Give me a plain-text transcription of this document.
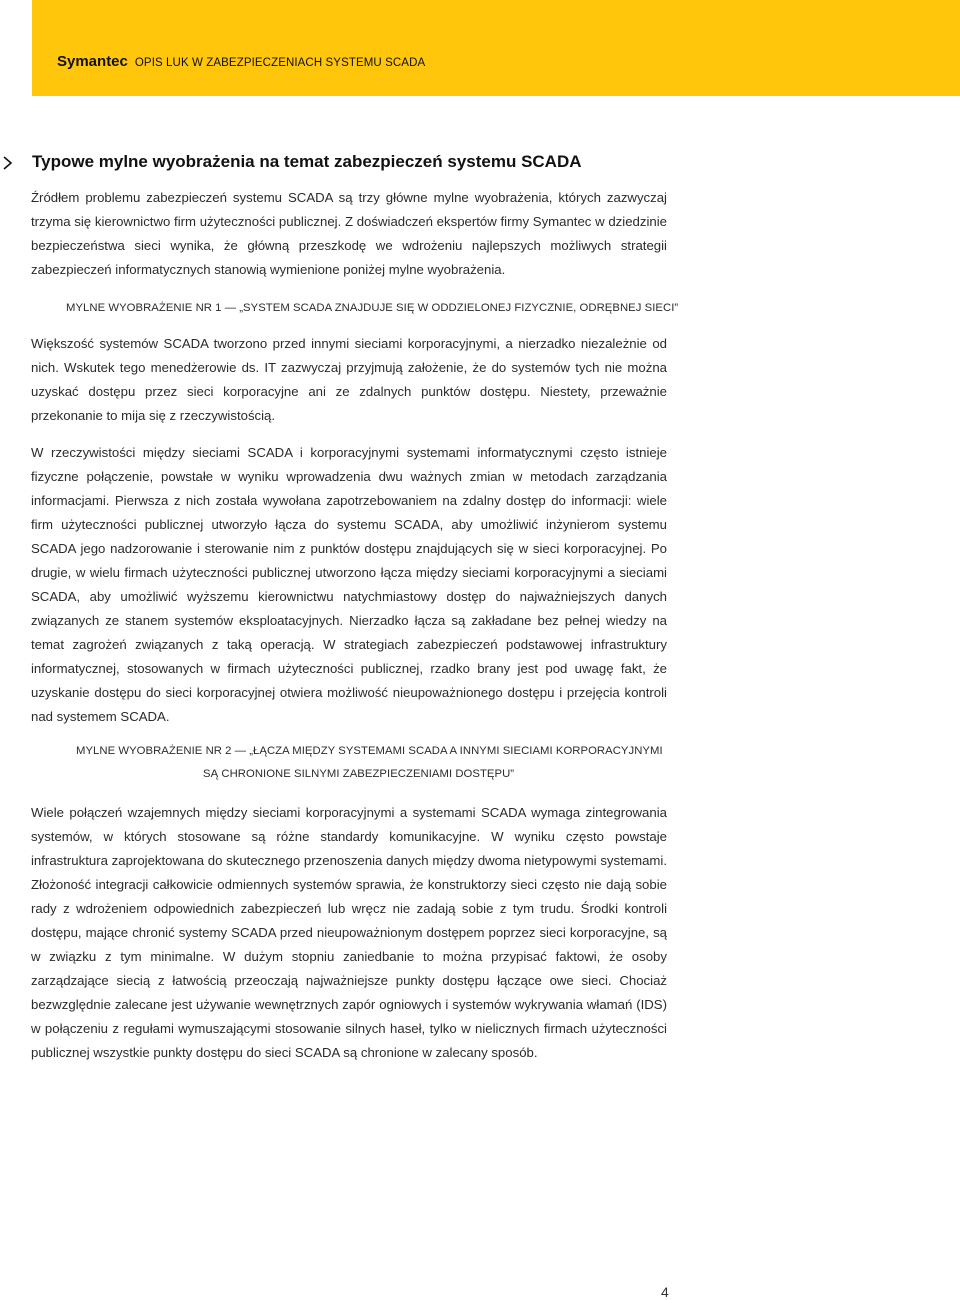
Symantec OPIS LUK W ZABEZPIECZENIACH SYSTEMU SCADA
Typowe mylne wyobrażenia na temat zabezpieczeń systemu SCADA

Źródłem problemu zabezpieczeń systemu SCADA są trzy główne mylne wyobrażenia, których zazwyczaj trzyma się kierownictwo firm użyteczności publicznej. Z doświadczeń ekspertów firmy Symantec w dziedzinie bezpieczeństwa sieci wynika, że główną przeszkodę we wdrożeniu najlepszych możliwych strategii zabezpieczeń informatycznych stanowią wymienione poniżej mylne wyobrażenia.

MYLNE WYOBRAŻENIE NR 1 — „SYSTEM SCADA ZNAJDUJE SIĘ W ODDZIELONEJ FIZYCZNIE, ODRĘBNEJ SIECI”

Większość systemów SCADA tworzono przed innymi sieciami korporacyjnymi, a nierzadko niezależnie od nich. Wskutek tego menedżerowie ds. IT zazwyczaj przyjmują założenie, że do systemów tych nie można uzyskać dostępu przez sieci korporacyjne ani ze zdalnych punktów dostępu. Niestety, przeważnie przekonanie to mija się z rzeczywistością.

W rzeczywistości między sieciami SCADA i korporacyjnymi systemami informatycznymi często istnieje fizyczne połączenie, powstałe w wyniku wprowadzenia dwu ważnych zmian w metodach zarządzania informacjami. Pierwsza z nich została wywołana zapotrzebowaniem na zdalny dostęp do informacji: wiele firm użyteczności publicznej utworzyło łącza do systemu SCADA, aby umożliwić inżynierom systemu SCADA jego nadzorowanie i sterowanie nim z punktów dostępu znajdujących się w sieci korporacyjnej. Po drugie, w wielu firmach użyteczności publicznej utworzono łącza między sieciami korporacyjnymi a sieciami SCADA, aby umożliwić wyższemu kierownictwu natychmiastowy dostęp do najważniejszych danych związanych ze stanem systemów eksploatacyjnych. Nierzadko łącza są zakładane bez pełnej wiedzy na temat zagrożeń związanych z taką operacją. W strategiach zabezpieczeń podstawowej infrastruktury informatycznej, stosowanych w firmach użyteczności publicznej, rzadko brany jest pod uwagę fakt, że uzyskanie dostępu do sieci korporacyjnej otwiera możliwość nieupoważnionego dostępu i przejęcia kontroli nad systemem SCADA.

MYLNE WYOBRAŻENIE NR 2 — „ŁĄCZA MIĘDZY SYSTEMAMI SCADA A INNYMI SIECIAMI KORPORACYJNYMI
SĄ CHRONIONE SILNYMI ZABEZPIECZENIAMI DOSTĘPU”

Wiele połączeń wzajemnych między sieciami korporacyjnymi a systemami SCADA wymaga zintegrowania systemów, w których stosowane są różne standardy komunikacyjne. W wyniku często powstaje infrastruktura zaprojektowana do skutecznego przenoszenia danych między dwoma nietypowymi systemami. Złożoność integracji całkowicie odmiennych systemów sprawia, że konstruktorzy sieci często nie dają sobie rady z wdrożeniem odpowiednich zabezpieczeń lub wręcz nie zadają sobie z tym trudu. Środki kontroli dostępu, mające chronić systemy SCADA przed nieupoważnionym dostępem poprzez sieci korporacyjne, są w związku z tym minimalne. W dużym stopniu zaniedbanie to można przypisać faktowi, że osoby zarządzające siecią z łatwością przeoczają najważniejsze punkty dostępu łączące owe sieci. Chociaż bezwzględnie zalecane jest używanie wewnętrznych zapór ogniowych i systemów wykrywania włamań (IDS) w połączeniu z regułami wymuszającymi stosowanie silnych haseł, tylko w nielicznych firmach użyteczności publicznej wszystkie punkty dostępu do sieci SCADA są chronione w zalecany sposób.

4
